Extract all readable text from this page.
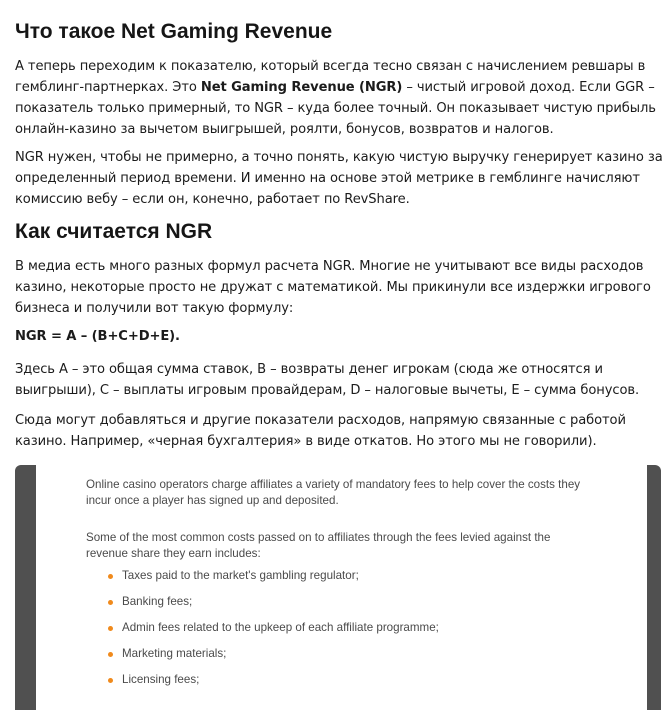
Что такое Net Gaming Revenue
А теперь переходим к показателю, который всегда тесно связан с начислением ревшары в
гемблинг-партнерках. Это Net Gaming Revenue (NGR) – чистый игровой доход. Если GGR –
показатель только примерный, то NGR – куда более точный. Он показывает чистую прибыль
онлайн-казино за вычетом выигрышей, роялти, бонусов, возвратов и налогов.
NGR нужен, чтобы не примерно, а точно понять, какую чистую выручку генерирует казино за
определенный период времени. И именно на основе этой метрике в гемблинге начисляют
комиссию вебу – если он, конечно, работает по RevShare.
Как считается NGR
В медиа есть много разных формул расчета NGR. Многие не учитывают все виды расходов
казино, некоторые просто не дружат с математикой. Мы прикинули все издержки игрового
бизнеса и получили вот такую формулу:
NGR = A – (B+C+D+E).
Здесь A – это общая сумма ставок, B – возвраты денег игрокам (сюда же относятся и
выигрыши), C – выплаты игровым провайдерам, D – налоговые вычеты, E – сумма бонусов.
Сюда могут добавляться и другие показатели расходов, напрямую связанные с работой
казино. Например, «черная бухгалтерия» в виде откатов. Но этого мы не говорили).
Online casino operators charge affiliates a variety of mandatory fees to help cover the costs they
incur once a player has signed up and deposited.
Some of the most common costs passed on to affiliates through the fees levied against the
revenue share they earn includes:
Taxes paid to the market's gambling regulator;
Banking fees;
Admin fees related to the upkeep of each affiliate programme;
Marketing materials;
Licensing fees;
